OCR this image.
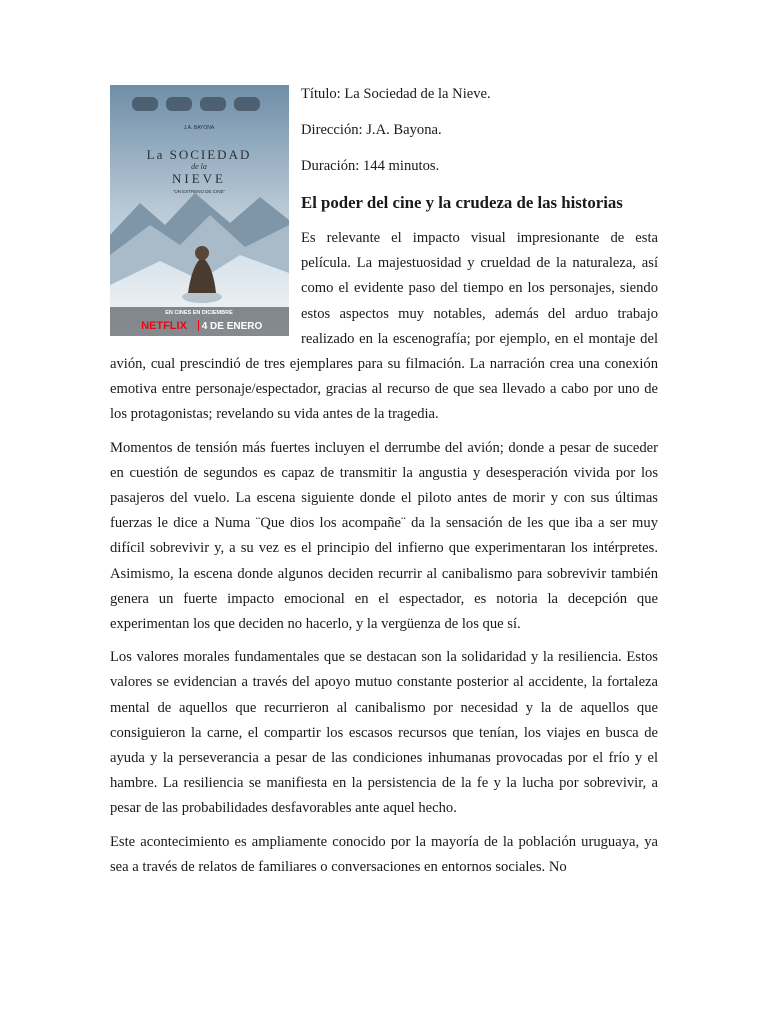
J.A. BAYONA
La SOCIEDAD
de la
NIEVE
"UN ESTRENO DE CINE"
EN CINES EN DICIEMBRE
NETFLIX 4 DE ENERO

Título: La Sociedad de la Nieve.

Dirección: J.A. Bayona.

Duración: 144 minutos.

El poder del cine y la crudeza de las historias

Es relevante el impacto visual impresionante de esta película. La majestuosidad y crueldad de la naturaleza, así como el evidente paso del tiempo en los personajes, siendo estos aspectos muy notables, además del arduo trabajo realizado en la escenografía; por ejemplo, en el montaje del avión, cual prescindió de tres ejemplares para su filmación. La narración crea una conexión emotiva entre personaje/espectador, gracias al recurso de que sea llevado a cabo por uno de los protagonistas; revelando su vida antes de la tragedia.

Momentos de tensión más fuertes incluyen el derrumbe del avión; donde a pesar de suceder en cuestión de segundos es capaz de transmitir la angustia y desesperación vivida por los pasajeros del vuelo. La escena siguiente donde el piloto antes de morir y con sus últimas fuerzas le dice a Numa ¨Que dios los acompañe¨ da la sensación de les que iba a ser muy difícil sobrevivir y, a su vez es el principio del infierno que experimentaran los intérpretes. Asimismo, la escena donde algunos deciden recurrir al canibalismo para sobrevivir también genera un fuerte impacto emocional en el espectador, es notoria la decepción que experimentan los que deciden no hacerlo, y la vergüenza de los que sí.

Los valores morales fundamentales que se destacan son la solidaridad y la resiliencia. Estos valores se evidencian a través del apoyo mutuo constante posterior al accidente, la fortaleza mental de aquellos que recurrieron al canibalismo por necesidad y la de aquellos que consiguieron la carne, el compartir los escasos recursos que tenían, los viajes en busca de ayuda y la perseverancia a pesar de las condiciones inhumanas provocadas por el frío y el hambre. La resiliencia se manifiesta en la persistencia de la fe y la lucha por sobrevivir, a pesar de las probabilidades desfavorables ante aquel hecho.

Este acontecimiento es ampliamente conocido por la mayoría de la población uruguaya, ya sea a través de relatos de familiares o conversaciones en entornos sociales. No
